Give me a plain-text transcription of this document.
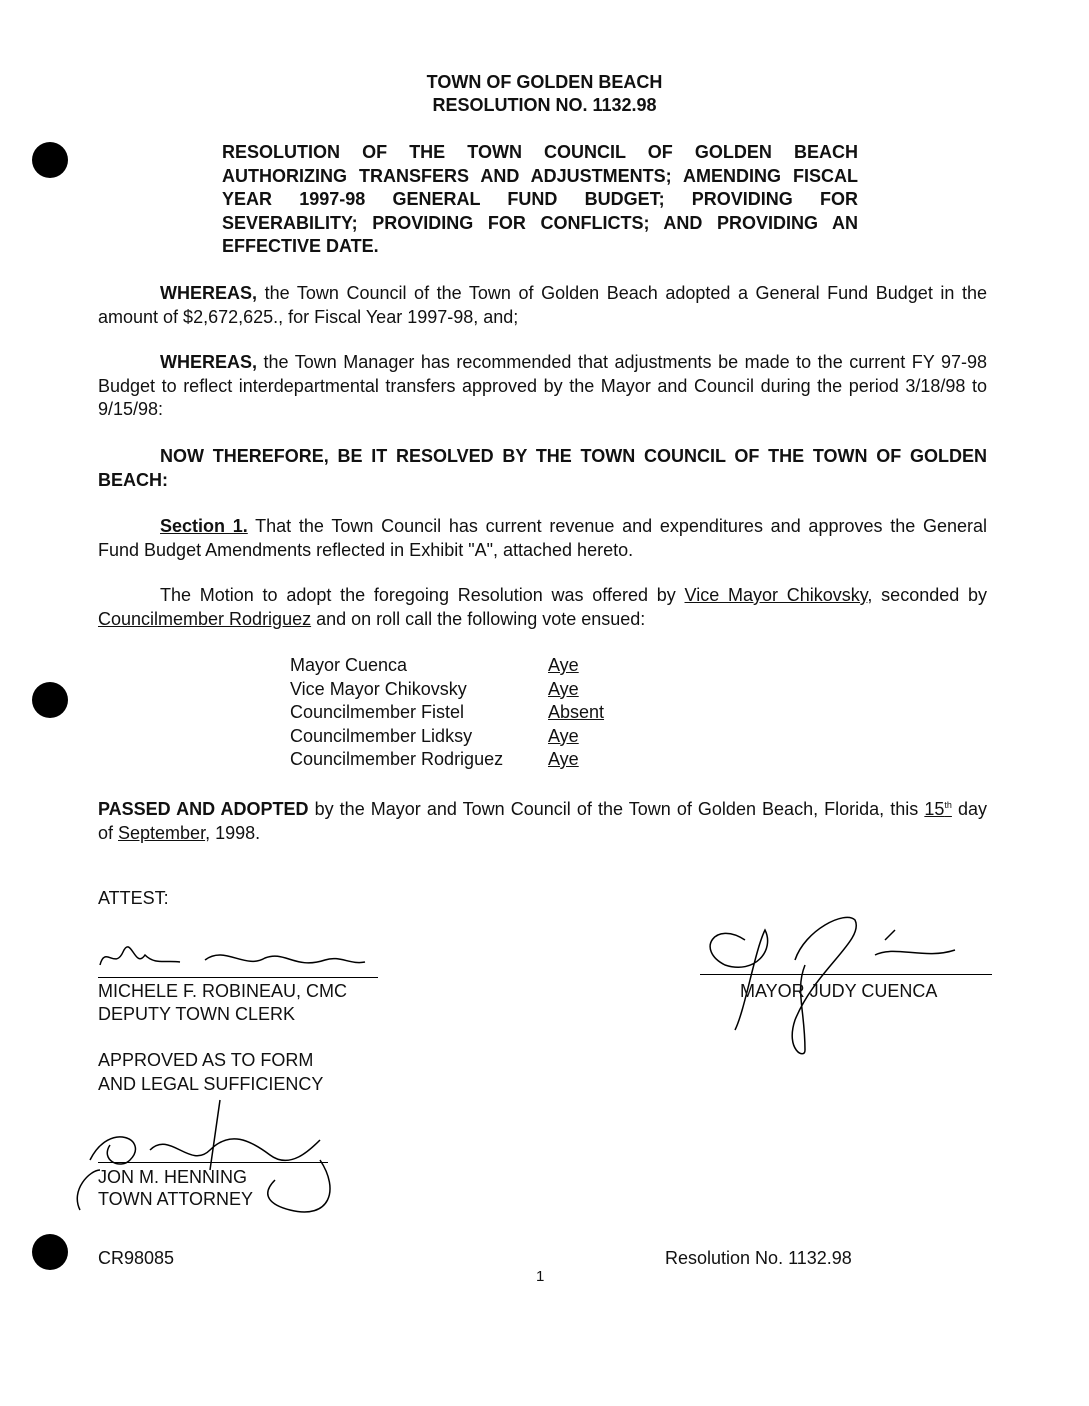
TOWN OF GOLDEN BEACH
RESOLUTION NO. 1132.98
RESOLUTION OF THE TOWN COUNCIL OF GOLDEN BEACH AUTHORIZING TRANSFERS AND ADJUSTMENTS; AMENDING FISCAL YEAR 1997-98 GENERAL FUND BUDGET; PROVIDING FOR SEVERABILITY; PROVIDING FOR CONFLICTS; AND PROVIDING AN EFFECTIVE DATE.
WHEREAS, the Town Council of the Town of Golden Beach adopted a General Fund Budget in the amount of $2,672,625., for Fiscal Year 1997-98, and;
WHEREAS, the Town Manager has recommended that adjustments be made to the current FY 97-98 Budget to reflect interdepartmental transfers approved by the Mayor and Council during the period 3/18/98 to 9/15/98:
NOW THEREFORE, BE IT RESOLVED BY THE TOWN COUNCIL OF THE TOWN OF GOLDEN BEACH:
Section 1. That the Town Council has current revenue and expenditures and approves the General Fund Budget Amendments reflected in Exhibit "A", attached hereto.
The Motion to adopt the foregoing Resolution was offered by Vice Mayor Chikovsky, seconded by Councilmember Rodriguez and on roll call the following vote ensued:
Mayor Cuenca	Aye
Vice Mayor Chikovsky	Aye
Councilmember Fistel	Absent
Councilmember Lidksy	Aye
Councilmember Rodriguez Aye
PASSED AND ADOPTED by the Mayor and Town Council of the Town of Golden Beach, Florida, this 15th day of September, 1998.
ATTEST:
MICHELE F. ROBINEAU, CMC
DEPUTY TOWN CLERK
APPROVED AS TO FORM
AND LEGAL SUFFICIENCY
JON M. HENNING
TOWN ATTORNEY
MAYOR JUDY CUENCA
CR98085	Resolution No. 1132.98
1
